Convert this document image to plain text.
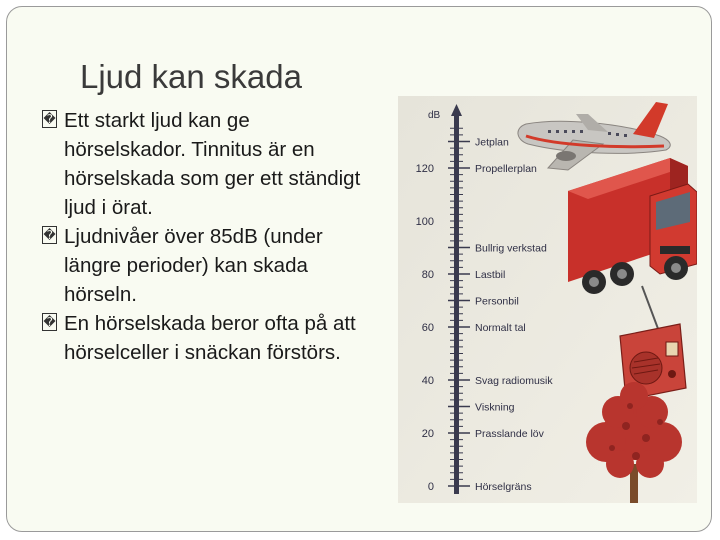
Ljud kan skada

� Ett starkt ljud kan ge hörselskador. Tinnitus är en hörselskada som ger ett ständigt ljud i örat.

� Ljudnivåer över 85dB (under längre perioder) kan skada hörseln.

� En hörselskada beror ofta på att hörselceller i snäckan förstörs.

dB
120
100
80
60
40
20
0
Jetplan
Propellerplan
Bullrig verkstad
Lastbil
Personbil
Normalt tal
Svag radiomusik
Viskning
Prasslande löv
Hörselgräns
